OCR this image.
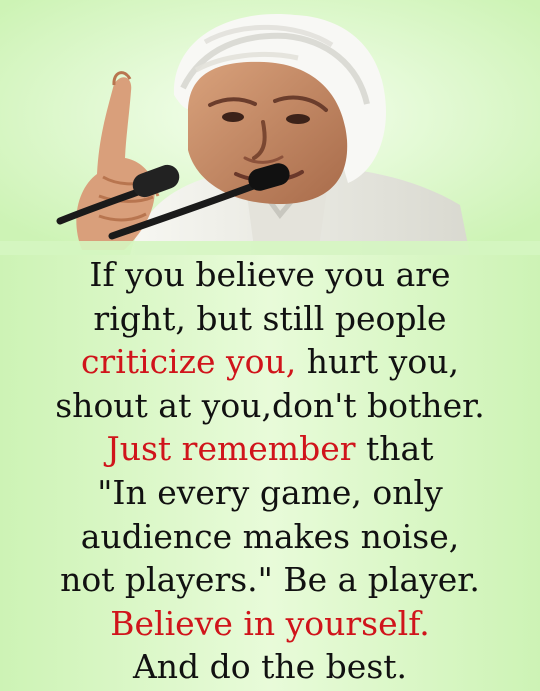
If you believe you are
right, but still people
criticize you, hurt you,
shout at you,don't bother.
Just remember that
"In every game, only
audience makes noise,
not players." Be a player.
Believe in yourself.
And do the best.
